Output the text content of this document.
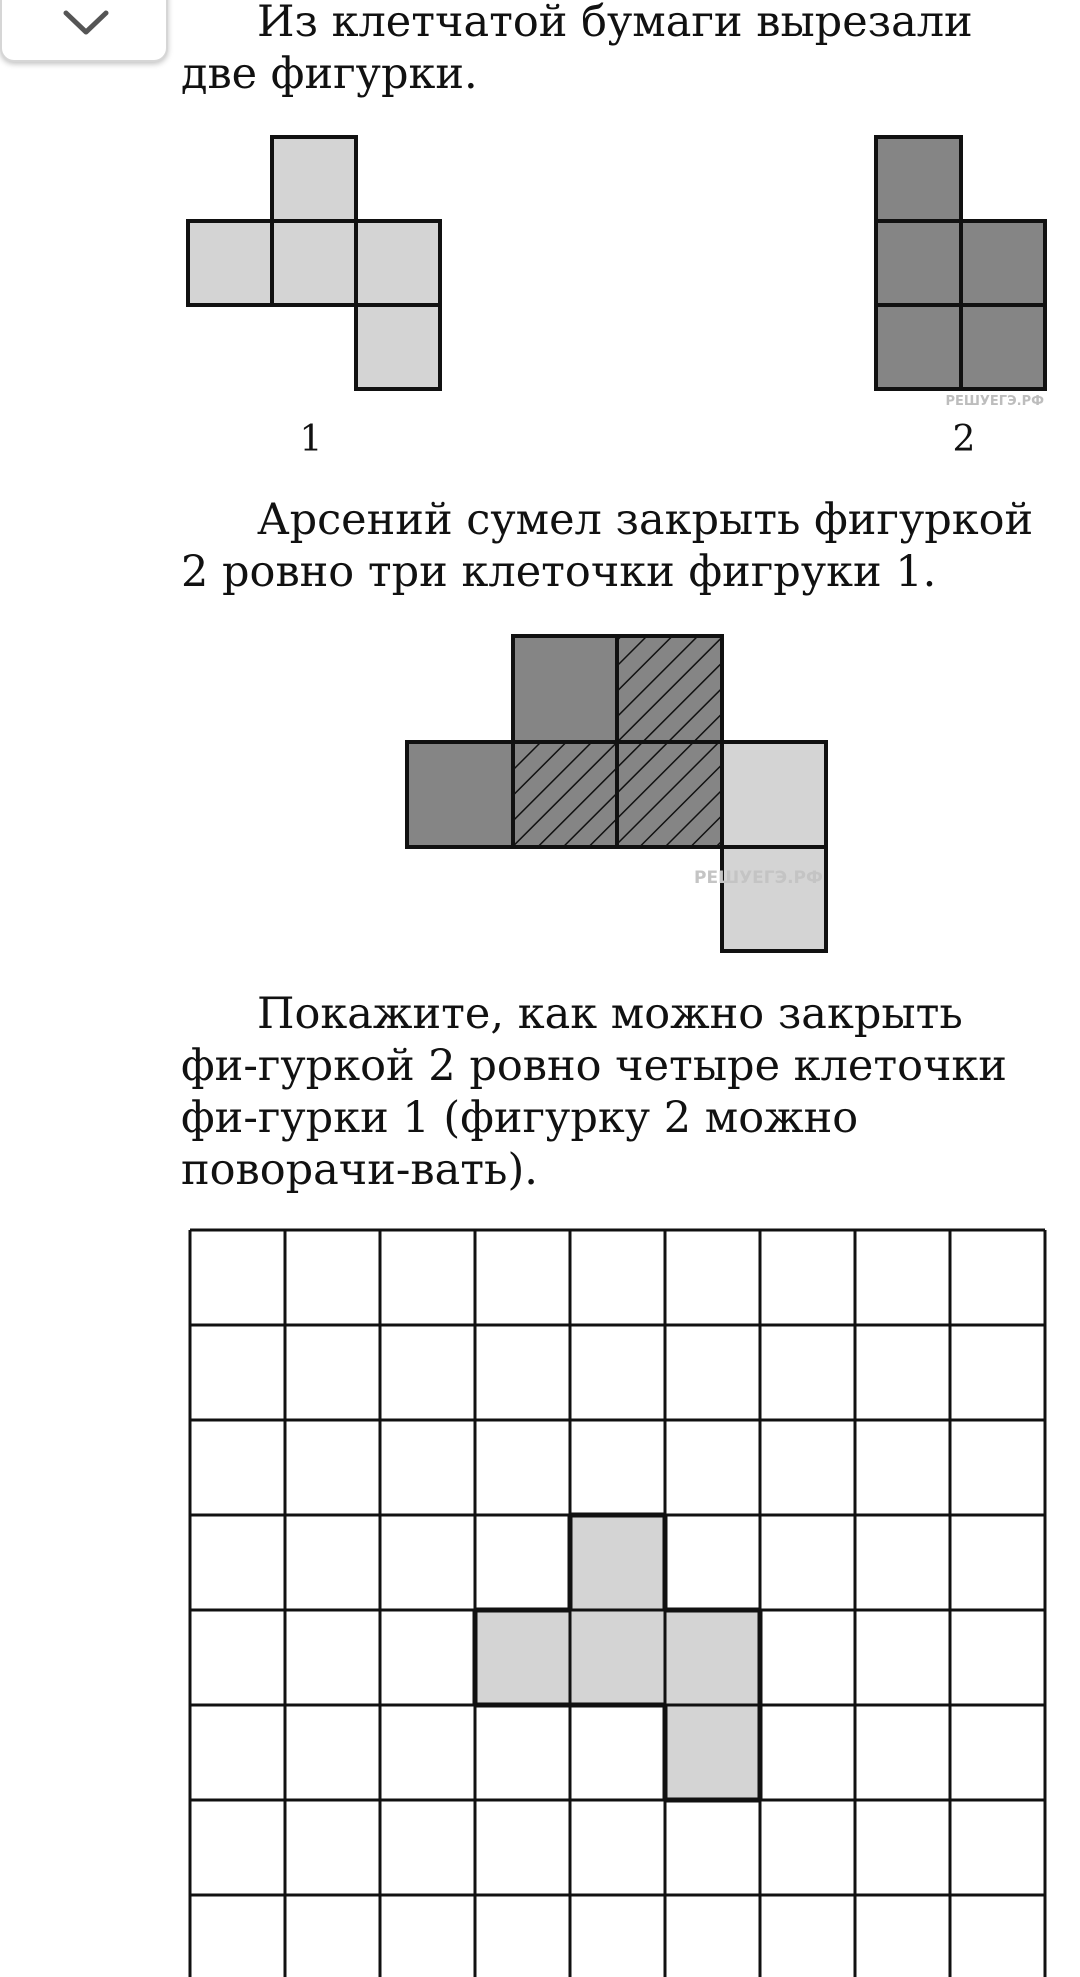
Из клетчатой бумаги вырезали две фигурки.
РЕШУЕГЭ.РФ
1	2
Арсений сумел закрыть фигуркой 2 ровно три клеточки фигруки 1.
РЕШУЕГЭ.РФ
Покажите, как можно закрыть фи-гуркой 2 ровно четыре клеточки фи-гурки 1 (фигурку 2 можно поворачи-вать).
